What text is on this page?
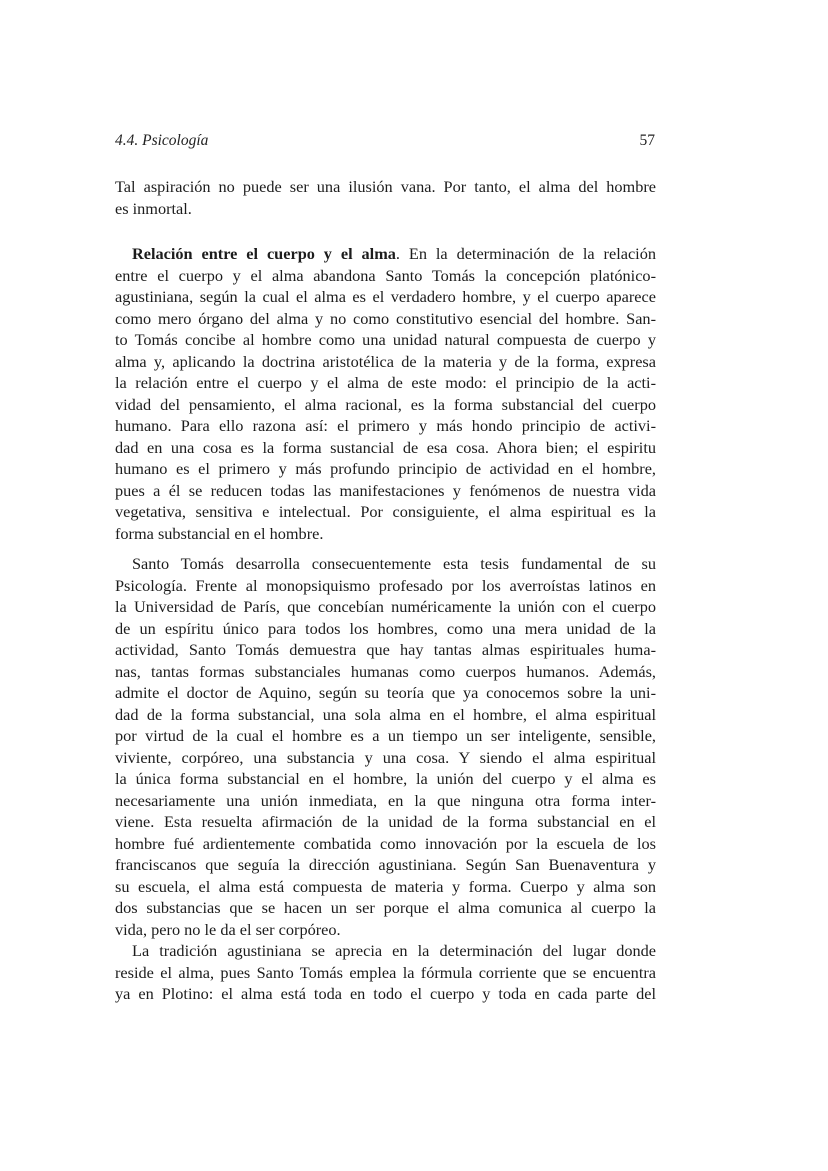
4.4. Psicología	57
Tal aspiración no puede ser una ilusión vana. Por tanto, el alma del hombre
es inmortal.
Relación entre el cuerpo y el alma. En la determinación de la relación
entre el cuerpo y el alma abandona Santo Tomás la concepción platónico-
agustiniana, según la cual el alma es el verdadero hombre, y el cuerpo aparece
como mero órgano del alma y no como constitutivo esencial del hombre. San-
to Tomás concibe al hombre como una unidad natural compuesta de cuerpo y
alma y, aplicando la doctrina aristotélica de la materia y de la forma, expresa
la relación entre el cuerpo y el alma de este modo: el principio de la acti-
vidad del pensamiento, el alma racional, es la forma substancial del cuerpo
humano. Para ello razona así: el primero y más hondo principio de activi-
dad en una cosa es la forma sustancial de esa cosa. Ahora bien; el espiritu
humano es el primero y más profundo principio de actividad en el hombre,
pues a él se reducen todas las manifestaciones y fenómenos de nuestra vida
vegetativa, sensitiva e intelectual. Por consiguiente, el alma espiritual es la
forma substancial en el hombre.
Santo Tomás desarrolla consecuentemente esta tesis fundamental de su
Psicología. Frente al monopsiquismo profesado por los averroístas latinos en
la Universidad de París, que concebían numéricamente la unión con el cuerpo
de un espíritu único para todos los hombres, como una mera unidad de la
actividad, Santo Tomás demuestra que hay tantas almas espirituales huma-
nas, tantas formas substanciales humanas como cuerpos humanos. Además,
admite el doctor de Aquino, según su teoría que ya conocemos sobre la uni-
dad de la forma substancial, una sola alma en el hombre, el alma espiritual
por virtud de la cual el hombre es a un tiempo un ser inteligente, sensible,
viviente, corpóreo, una substancia y una cosa. Y siendo el alma espiritual
la única forma substancial en el hombre, la unión del cuerpo y el alma es
necesariamente una unión inmediata, en la que ninguna otra forma inter-
viene. Esta resuelta afirmación de la unidad de la forma substancial en el
hombre fué ardientemente combatida como innovación por la escuela de los
franciscanos que seguía la dirección agustiniana. Según San Buenaventura y
su escuela, el alma está compuesta de materia y forma. Cuerpo y alma son
dos substancias que se hacen un ser porque el alma comunica al cuerpo la
vida, pero no le da el ser corpóreo.
La tradición agustiniana se aprecia en la determinación del lugar donde
reside el alma, pues Santo Tomás emplea la fórmula corriente que se encuentra
ya en Plotino: el alma está toda en todo el cuerpo y toda en cada parte del
